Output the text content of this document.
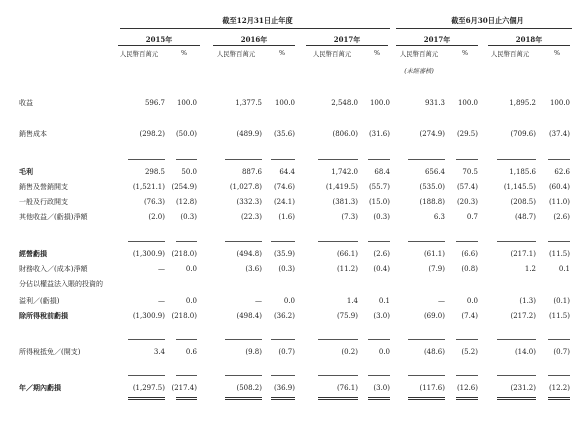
截至12月31日止年度	截至6月30日止六個月
2015年	2016年	2017年	2017年	2018年
人民幣百萬元	%	人民幣百萬元	%	人民幣百萬元	%	人民幣百萬元	%	人民幣百萬元	%
(未經審核)
收益	596.7 100.0	1,377.5 100.0	2,548.0 100.0	931.3 100.0	1,895.2 100.0
銷售成本	(298.2) (50.0)	(489.9) (35.6)	(806.0) (31.6)	(274.9) (29.5)	(709.6) (37.4)
毛利	298.5 50.0	887.6 64.4	1,742.0 68.4	656.4 70.5	1,185.6	62.6
銷售及營銷開支	(1,521.1) (254.9)	(1,027.8) (74.6)	(1,419.5) (55.7)	(535.0) (57.4)	(1,145.5) (60.4)
一般及行政開支	(76.3) (12.8)	(332.3) (24.1)	(381.3) (15.0)	(188.8) (20.3)	(208.5) (11.0)
其他收益／(虧損)淨額	(2.0) (0.3)	(22.3) (1.6)	(7.3) (0.3)	6.3	0.7	(48.7) (2.6)
經營虧損	(1,300.9) (218.0)	(494.8) (35.9)	(66.1) (2.6)	(61.1) (6.6)	(217.1) (11.5)
財務收入／(成本)淨額	—	0.0	(3.6) (0.3)	(11.2) (0.4)	(7.9) (0.8)	1.2	0.1
分佔以權益法入賬的投資的
溢利／(虧損)	—	0.0	—	0.0	1.4	0.1	—	0.0	(1.3) (0.1)
除所得稅前虧損	(1,300.9) (218.0)	(498.4) (36.2)	(75.9) (3.0)	(69.0) (7.4)	(217.2) (11.5)
所得稅抵免／(開支)	3.4	0.6	(9.8) (0.7)	(0.2)	0.0	(48.6) (5.2)	(14.0) (0.7)
年／期內虧損	(1,297.5) (217.4)	(508.2) (36.9)	(76.1) (3.0)	(117.6) (12.6)	(231.2) (12.2)
